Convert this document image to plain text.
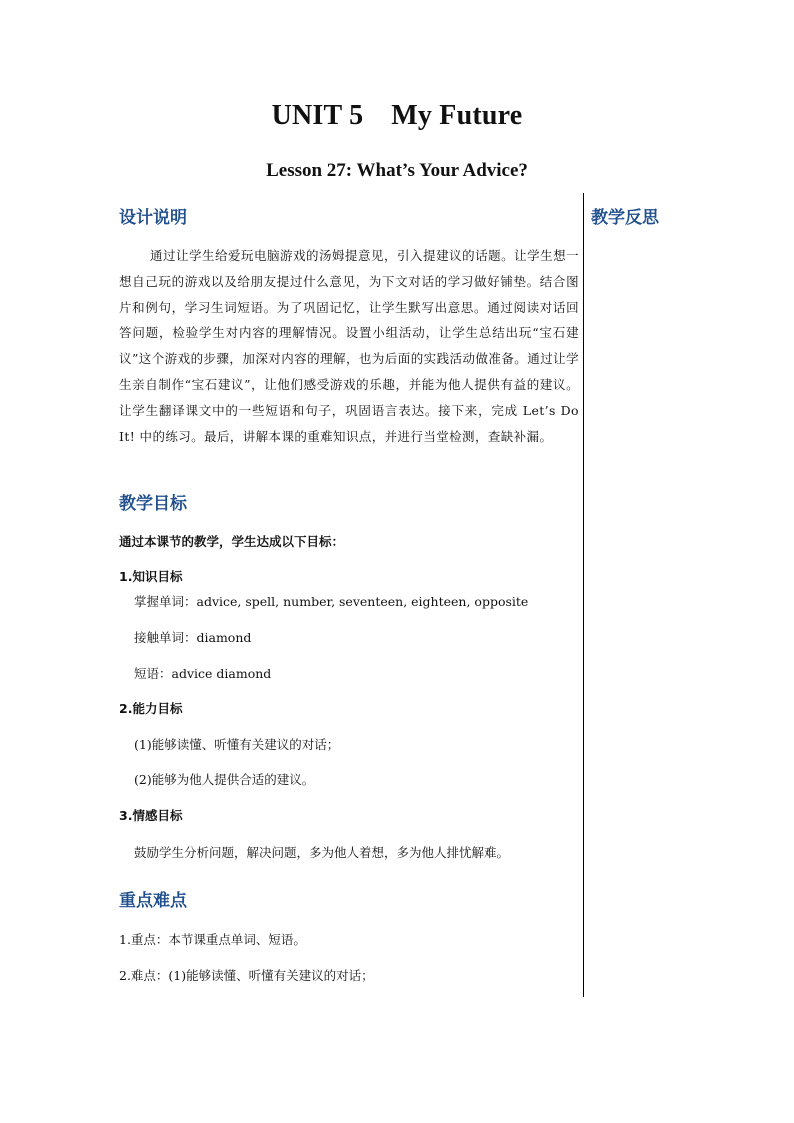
UNIT 5 My Future
Lesson 27: What’s Your Advice?
教学反思
设计说明
通过让学生给爱玩电脑游戏的汤姆提意见，引入提建议的话题。让学生想一想自己玩的游戏以及给朋友提过什么意见，为下文对话的学习做好铺垫。结合图片和例句，学习生词短语。为了巩固记忆，让学生默写出意思。通过阅读对话回答问题，检验学生对内容的理解情况。设置小组活动，让学生总结出玩“宝石建议”这个游戏的步骤，加深对内容的理解，也为后面的实践活动做准备。通过让学生亲自制作“宝石建议”，让他们感受游戏的乐趣，并能为他人提供有益的建议。让学生翻译课文中的一些短语和句子，巩固语言表达。接下来，完成 Let’s Do It! 中的练习。最后，讲解本课的重难知识点，并进行当堂检测，查缺补漏。
教学目标
通过本课节的教学，学生达成以下目标：
1.知识目标
掌握单词：advice, spell, number, seventeen, eighteen, opposite
接触单词：diamond
短语：advice diamond
2.能力目标
(1)能够读懂、听懂有关建议的对话；
(2)能够为他人提供合适的建议。
3.情感目标
鼓励学生分析问题，解决问题，多为他人着想，多为他人排忧解难。
重点难点
1.重点：本节课重点单词、短语。
2.难点：(1)能够读懂、听懂有关建议的对话；
